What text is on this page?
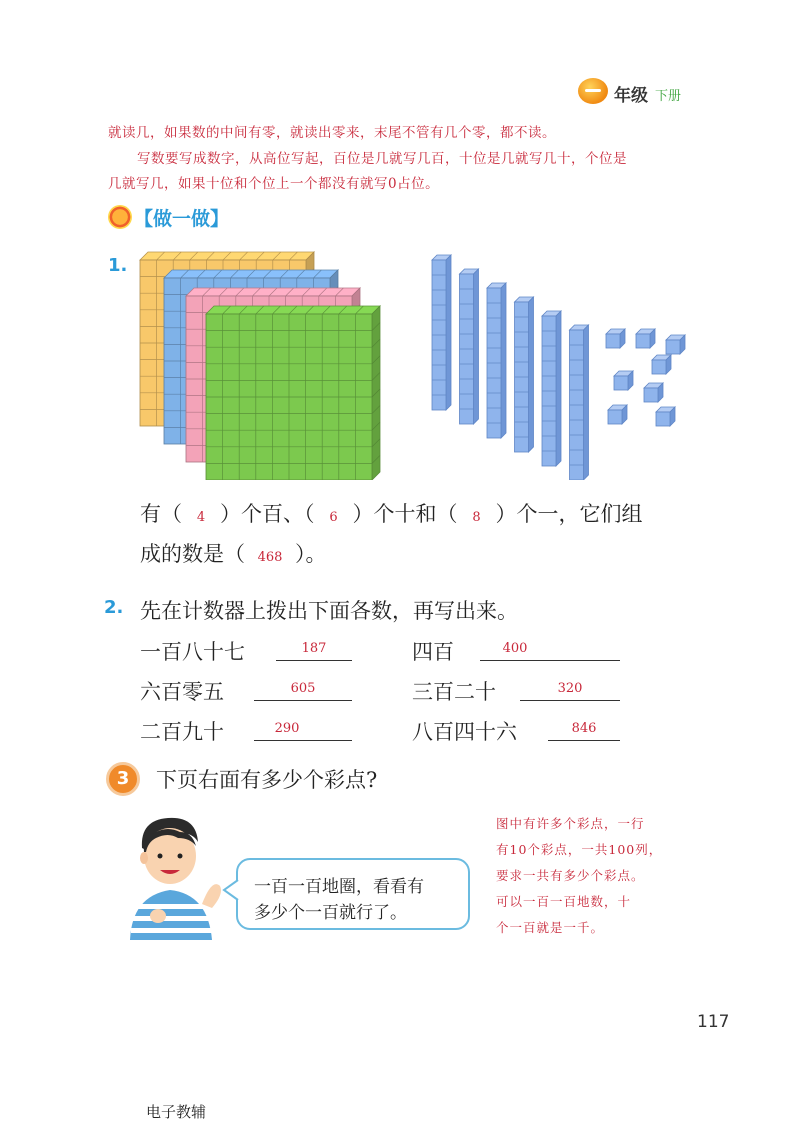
年级 下册
就读几，如果数的中间有零，就读出零来，末尾不管有几个零，都不读。
写数要写成数字，从高位写起，百位是几就写几百，十位是几就写几十，个位是
几就写几，如果十位和个位上一个都没有就写0占位。
【做一做】
1.
有（ 4 ）个百、（ 6 ）个十和（ 8 ）个一，它们组
成的数是（ 468 ）。
2. 先在计数器上拨出下面各数，再写出来。
一百八十七	187	四百	400
六百零五	605	三百二十	320
二百九十	290	八百四十六	846
3	下页右面有多少个彩点?
一百一百地圈，看看有
多少个一百就行了。
图中有许多个彩点，一行
有10个彩点，一共100列，
要求一共有多少个彩点。
可以一百一百地数，十
个一百就是一千。
117
电子教辅
